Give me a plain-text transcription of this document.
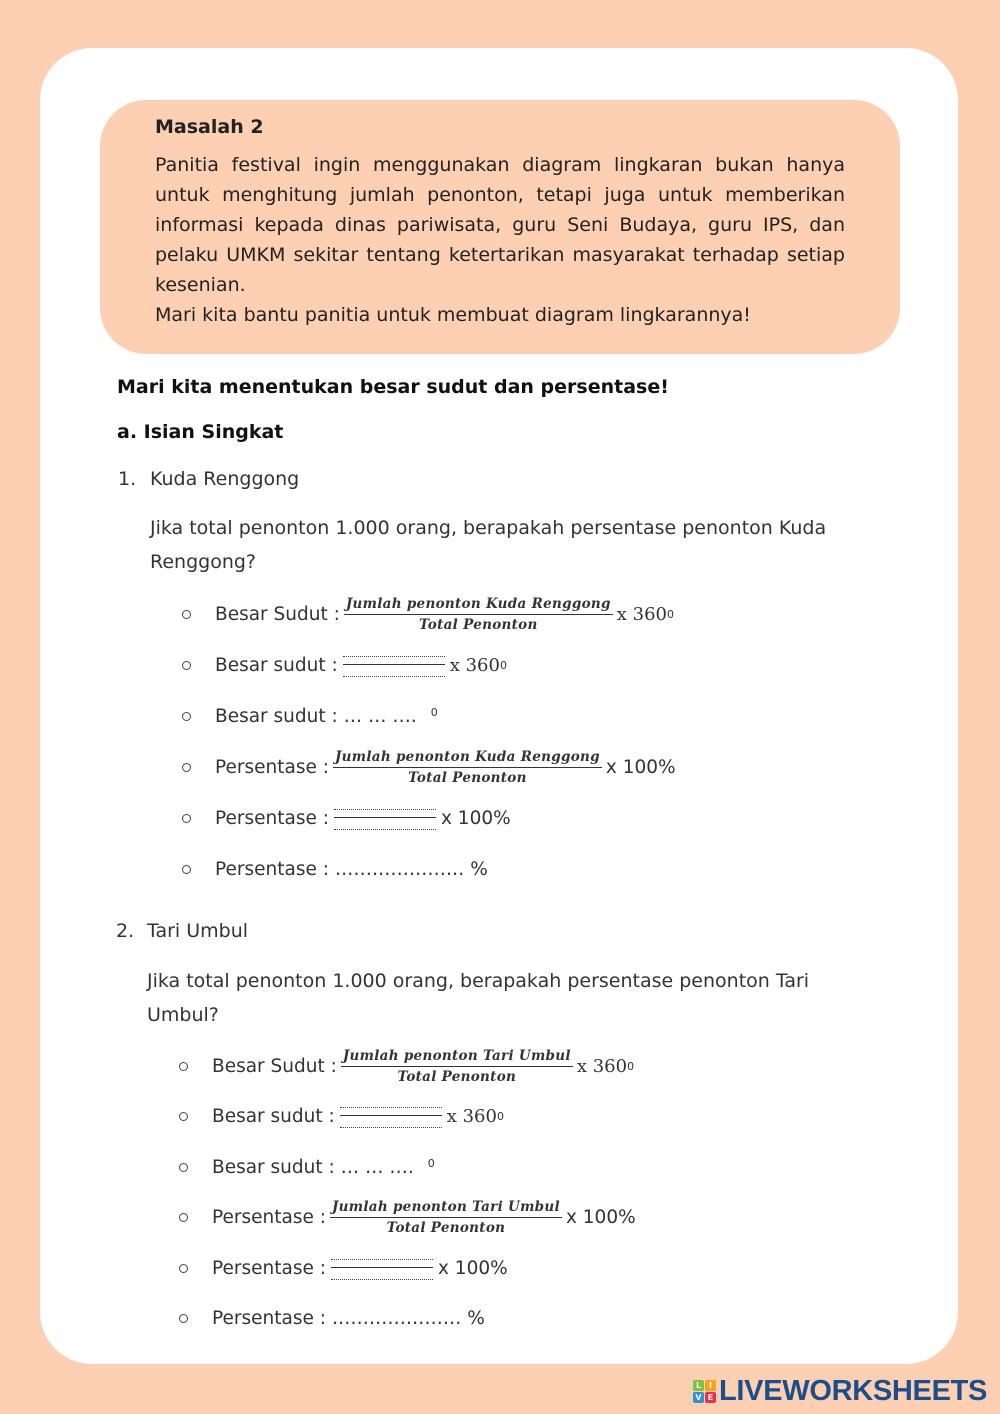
Masalah 2

Panitia festival ingin menggunakan diagram lingkaran bukan hanya untuk menghitung jumlah penonton, tetapi juga untuk memberikan informasi kepada dinas pariwisata, guru Seni Budaya, guru IPS, dan pelaku UMKM sekitar tentang ketertarikan masyarakat terhadap setiap kesenian.

Mari kita bantu panitia untuk membuat diagram lingkarannya!

Mari kita menentukan besar sudut dan persentase!
a. Isian Singkat
1. Kuda Renggong
Jika total penonton 1.000 orang, berapakah persentase penonton Kuda Renggong?
Besar Sudut : $\frac{\text{Jumlah penonton Kuda Renggong}}{\text{Total Penonton}}$ x 360 0
Besar sudut :	x 360 0
Besar sudut : … … …. $^0$
Persentase : $\frac{\text{Jumlah penonton Kuda Renggong}}{\text{Total Penonton}}$ x 100%
Persentase :	x 100%
Persentase : ………………… %
2. Tari Umbul
Jika total penonton 1.000 orang, berapakah persentase penonton Tari Umbul?
Besar Sudut : $\frac{\text{Jumlah penonton Tari Umbul}}{\text{Total Penonton}}$ x 360 0
Besar sudut :	x 360 0
Besar sudut : … … …. $^0$
Persentase : $\frac{\text{Jumlah penonton Tari Umbul}}{\text{Total Penonton}}$ x 100%
Persentase :	x 100%
Persentase : ………………… %
L I
V E LIVEWORKSHEETS
